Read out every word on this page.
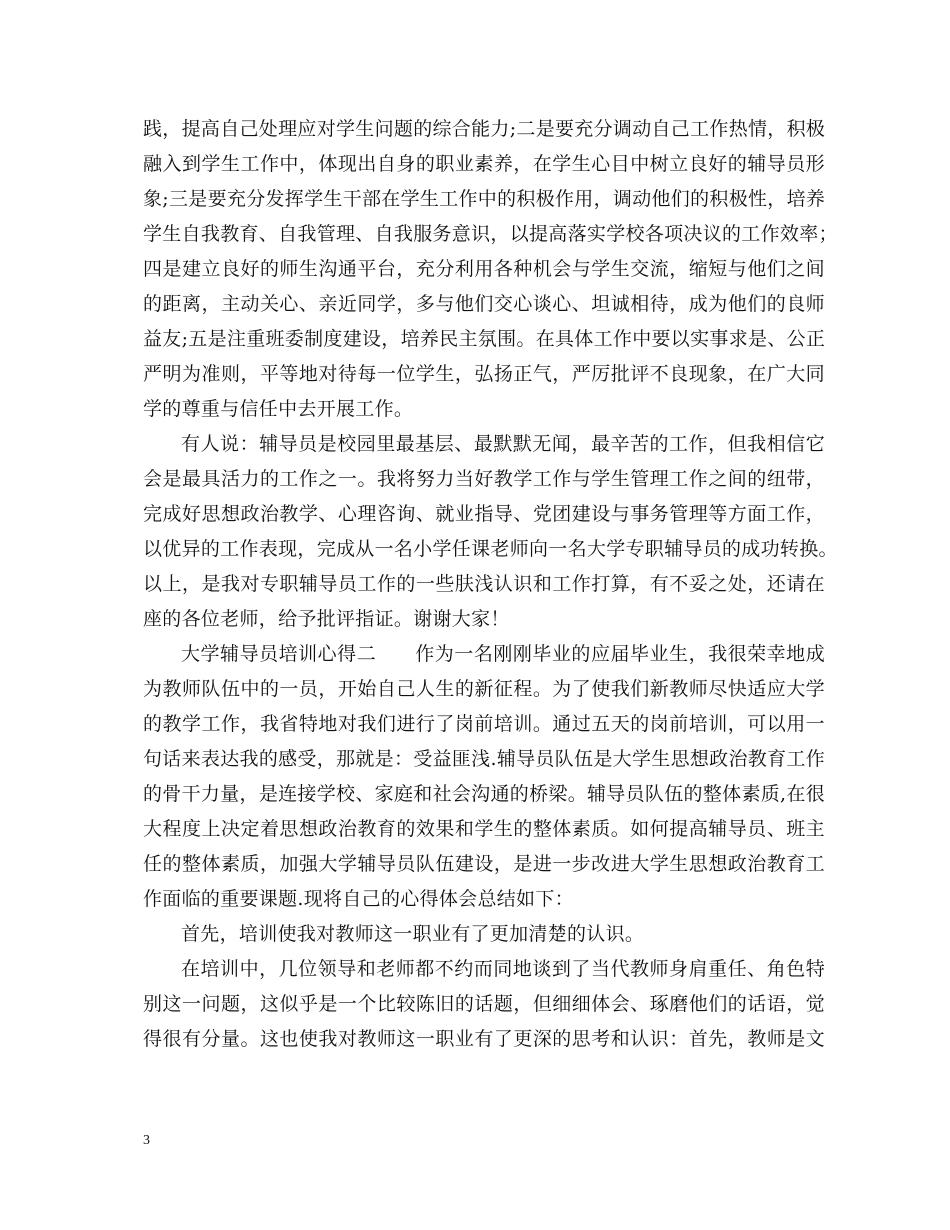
践，提高自己处理应对学生问题的综合能力;二是要充分调动自己工作热情，积极
融入到学生工作中，体现出自身的职业素养，在学生心目中树立良好的辅导员形
象;三是要充分发挥学生干部在学生工作中的积极作用，调动他们的积极性，培养
学生自我教育、自我管理、自我服务意识，以提高落实学校各项决议的工作效率；
四是建立良好的师生沟通平台，充分利用各种机会与学生交流，缩短与他们之间
的距离，主动关心、亲近同学，多与他们交心谈心、坦诚相待，成为他们的良师
益友;五是注重班委制度建设，培养民主氛围。在具体工作中要以实事求是、公正
严明为准则，平等地对待每一位学生，弘扬正气，严厉批评不良现象，在广大同
学的尊重与信任中去开展工作。
有人说：辅导员是校园里最基层、最默默无闻，最辛苦的工作，但我相信它
会是最具活力的工作之一。我将努力当好教学工作与学生管理工作之间的纽带，
完成好思想政治教学、心理咨询、就业指导、党团建设与事务管理等方面工作，
以优异的工作表现，完成从一名小学任课老师向一名大学专职辅导员的成功转换。
以上，是我对专职辅导员工作的一些肤浅认识和工作打算，有不妥之处，还请在
座的各位老师，给予批评指证。谢谢大家！
大学辅导员培训心得二　　作为一名刚刚毕业的应届毕业生，我很荣幸地成
为教师队伍中的一员，开始自己人生的新征程。为了使我们新教师尽快适应大学
的教学工作，我省特地对我们进行了岗前培训。通过五天的岗前培训，可以用一
句话来表达我的感受，那就是：受益匪浅.辅导员队伍是大学生思想政治教育工作
的骨干力量，是连接学校、家庭和社会沟通的桥梁。辅导员队伍的整体素质,在很
大程度上决定着思想政治教育的效果和学生的整体素质。如何提高辅导员、班主
任的整体素质，加强大学辅导员队伍建设，是进一步改进大学生思想政治教育工
作面临的重要课题.现将自己的心得体会总结如下：
首先，培训使我对教师这一职业有了更加清楚的认识。
在培训中，几位领导和老师都不约而同地谈到了当代教师身肩重任、角色特
别这一问题，这似乎是一个比较陈旧的话题，但细细体会、琢磨他们的话语，觉
得很有分量。这也使我对教师这一职业有了更深的思考和认识：首先，教师是文
3
